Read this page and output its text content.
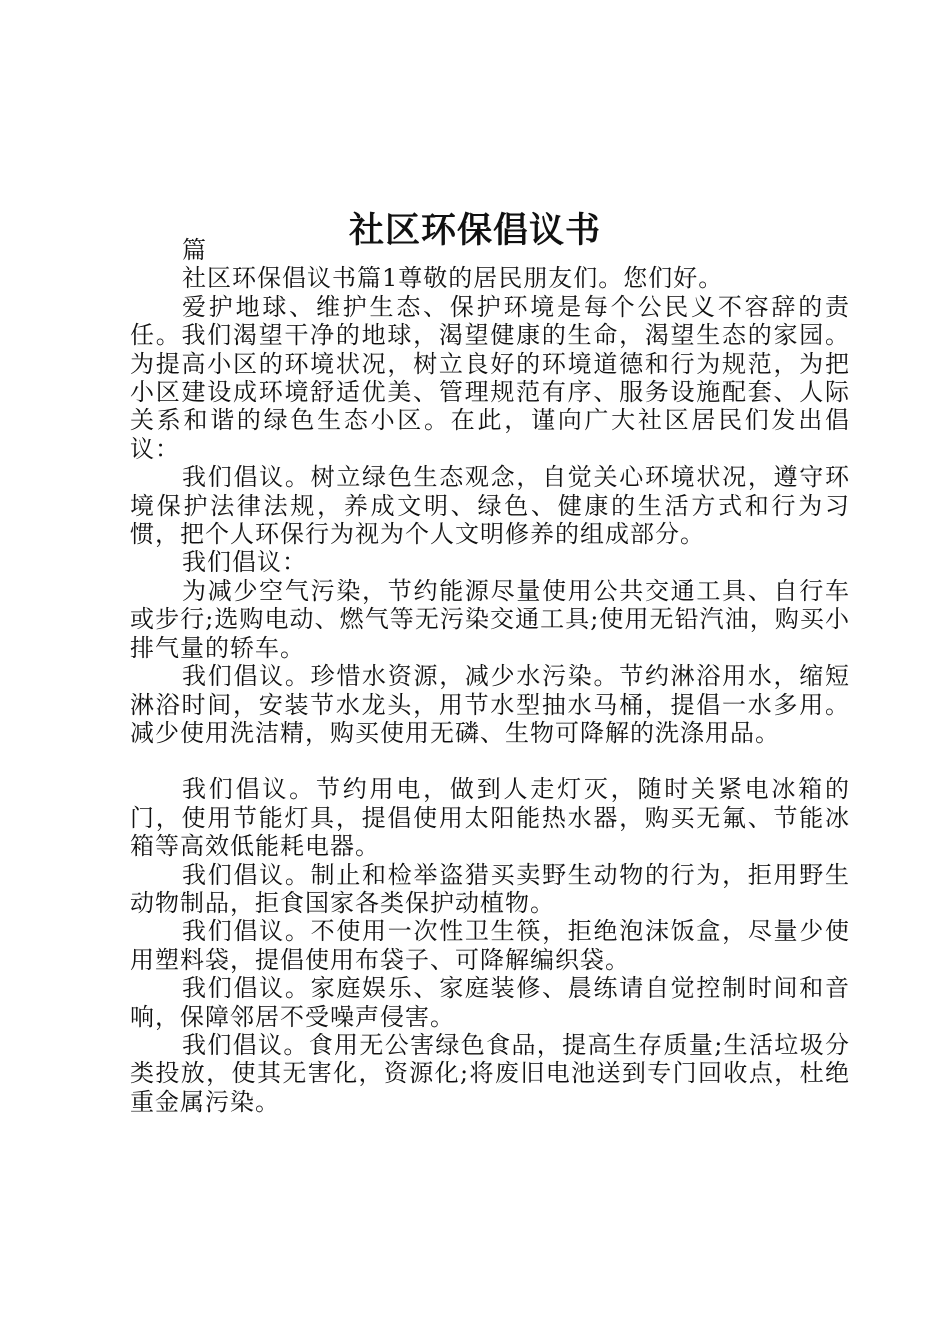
社区环保倡议书

篇

社区环保倡议书篇1尊敬的居民朋友们。您们好。

爱护地球、维护生态、保护环境是每个公民义不容辞的责任。我们渴望干净的地球，渴望健康的生命，渴望生态的家园。为提高小区的环境状况，树立良好的环境道德和行为规范，为把小区建设成环境舒适优美、管理规范有序、服务设施配套、人际关系和谐的绿色生态小区。在此，谨向广大社区居民们发出倡议：

我们倡议。树立绿色生态观念，自觉关心环境状况，遵守环境保护法律法规，养成文明、绿色、健康的生活方式和行为习惯，把个人环保行为视为个人文明修养的组成部分。

我们倡议：

为减少空气污染，节约能源尽量使用公共交通工具、自行车或步行;选购电动、燃气等无污染交通工具;使用无铅汽油，购买小排气量的轿车。

我们倡议。珍惜水资源，减少水污染。节约淋浴用水，缩短淋浴时间，安装节水龙头，用节水型抽水马桶，提倡一水多用。减少使用洗洁精，购买使用无磷、生物可降解的洗涤用品。

我们倡议。节约用电，做到人走灯灭，随时关紧电冰箱的门，使用节能灯具，提倡使用太阳能热水器，购买无氟、节能冰箱等高效低能耗电器。

我们倡议。制止和检举盗猎买卖野生动物的行为，拒用野生动物制品，拒食国家各类保护动植物。

我们倡议。不使用一次性卫生筷，拒绝泡沫饭盒，尽量少使用塑料袋，提倡使用布袋子、可降解编织袋。

我们倡议。家庭娱乐、家庭装修、晨练请自觉控制时间和音响，保障邻居不受噪声侵害。

我们倡议。食用无公害绿色食品，提高生存质量;生活垃圾分类投放，使其无害化，资源化;将废旧电池送到专门回收点，杜绝重金属污染。
